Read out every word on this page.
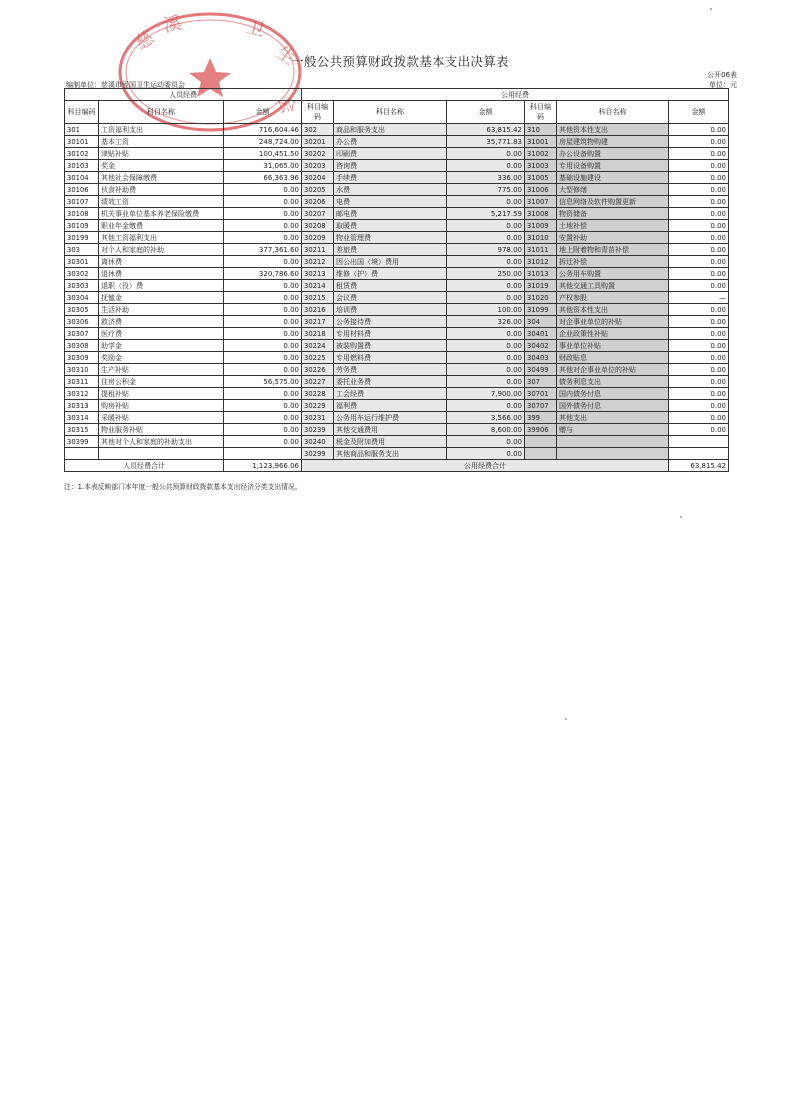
慈
溪	卫
生
会
一般公共预算财政拨款基本支出决算表
公开06表
单位：元
编制单位：慈溪市爱国卫生运动委员会
人员经费			公用经费					
科目编码	科目名称	金额	科目编码	科目名称	金额	科目编码	科目名称	金额
301	工资福利支出	716,604.46	302	商品和服务支出	63,815.42	310	其他资本性支出	0.00
30101	基本工资	248,724.00	30201	办公费	35,771.83	31001	房屋建筑物购建	0.00
30102	津贴补贴	100,451.50	30202	印刷费	0.00	31002	办公设备购置	0.00
30103	奖金	31,065.00	30203	咨询费	0.00	31003	专用设备购置	0.00
30104	其他社会保障缴费	66,363.96	30204	手续费	336.00	31005	基础设施建设	0.00
30106	伙食补助费	0.00	30205	水费	775.00	31006	大型修缮	0.00
30107	绩效工资	0.00	30206	电费	0.00	31007	信息网络及软件购置更新	0.00
30108	机关事业单位基本养老保险缴费	0.00	30207	邮电费	5,217.59	31008	物资储备	0.00
30109	职业年金缴费	0.00	30208	取暖费	0.00	31009	土地补偿	0.00
30199	其他工资福利支出	0.00	30209	物业管理费	0.00	31010	安置补助	0.00
303	对个人和家庭的补助	377,361.60	30211	差旅费	978.00	31011	地上附着物和青苗补偿	0.00
30301	离休费	0.00	30212	因公出国（境）费用	0.00	31012	拆迁补偿	0.00
30302	退休费	320,786.60	30213	维修（护）费	250.00	31013	公务用车购置	0.00
30303	退职（役）费	0.00	30214	租赁费	0.00	31019	其他交通工具购置	0.00
30304	抚恤金	0.00	30215	会议费	0.00	31020	产权参股	—
30305	生活补助	0.00	30216	培训费	100.00	31099	其他资本性支出	0.00
30306	救济费	0.00	30217	公务接待费	326.00	304	对企事业单位的补贴	0.00
30307	医疗费	0.00	30218	专用材料费	0.00	30401	企业政策性补贴	0.00
30308	助学金	0.00	30224	被装购置费	0.00	30402	事业单位补贴	0.00
30309	奖励金	0.00	30225	专用燃料费	0.00	30403	财政贴息	0.00
30310	生产补贴	0.00	30226	劳务费	0.00	30499	其他对企事业单位的补贴	0.00
30311	住房公积金	56,575.00	30227	委托业务费	0.00	307	债务利息支出	0.00
30312	提租补贴	0.00	30228	工会经费	7,900.00	30701	国内债务付息	0.00
30313	购房补贴	0.00	30229	福利费	0.00	30707	国外债务付息	0.00
30314	采暖补贴	0.00	30231	公务用车运行维护费	3,566.00	399	其他支出	0.00
30315	物业服务补贴	0.00	30239	其他交通费用	8,600.00	39906	赠与	0.00
30399	其他对个人和家庭的补助支出	0.00	30240	税金及附加费用	0.00			
			30299	其他商品和服务支出	0.00			
人员经费合计		1,123,966.06	公用经费合计					63,815.42
注：1.本表反映部门本年度一般公共预算财政拨款基本支出经济分类支出情况。
